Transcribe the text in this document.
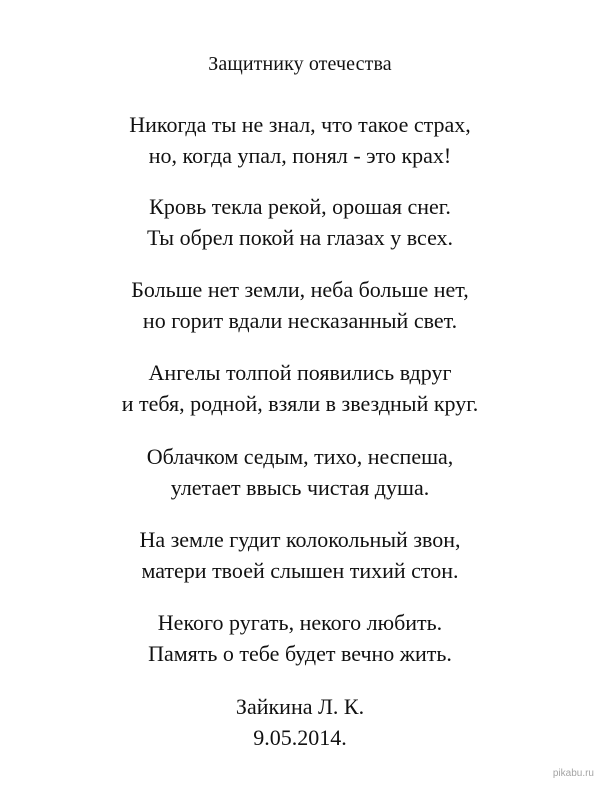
Защитнику отечества
Никогда ты не знал, что такое страх,
но, когда упал, понял - это крах!
Кровь текла рекой, орошая снег.
Ты обрел покой на глазах у всех.
Больше нет земли, неба больше нет,
но горит вдали несказанный свет.
Ангелы толпой появились вдруг
и тебя, родной, взяли в звездный круг.
Облачком седым, тихо, неспеша,
улетает ввысь чистая душа.
На земле гудит колокольный звон,
матери твоей слышен тихий стон.
Некого ругать, некого любить.
Память о тебе будет вечно жить.
Зайкина Л. К.
9.05.2014.
pikabu.ru
